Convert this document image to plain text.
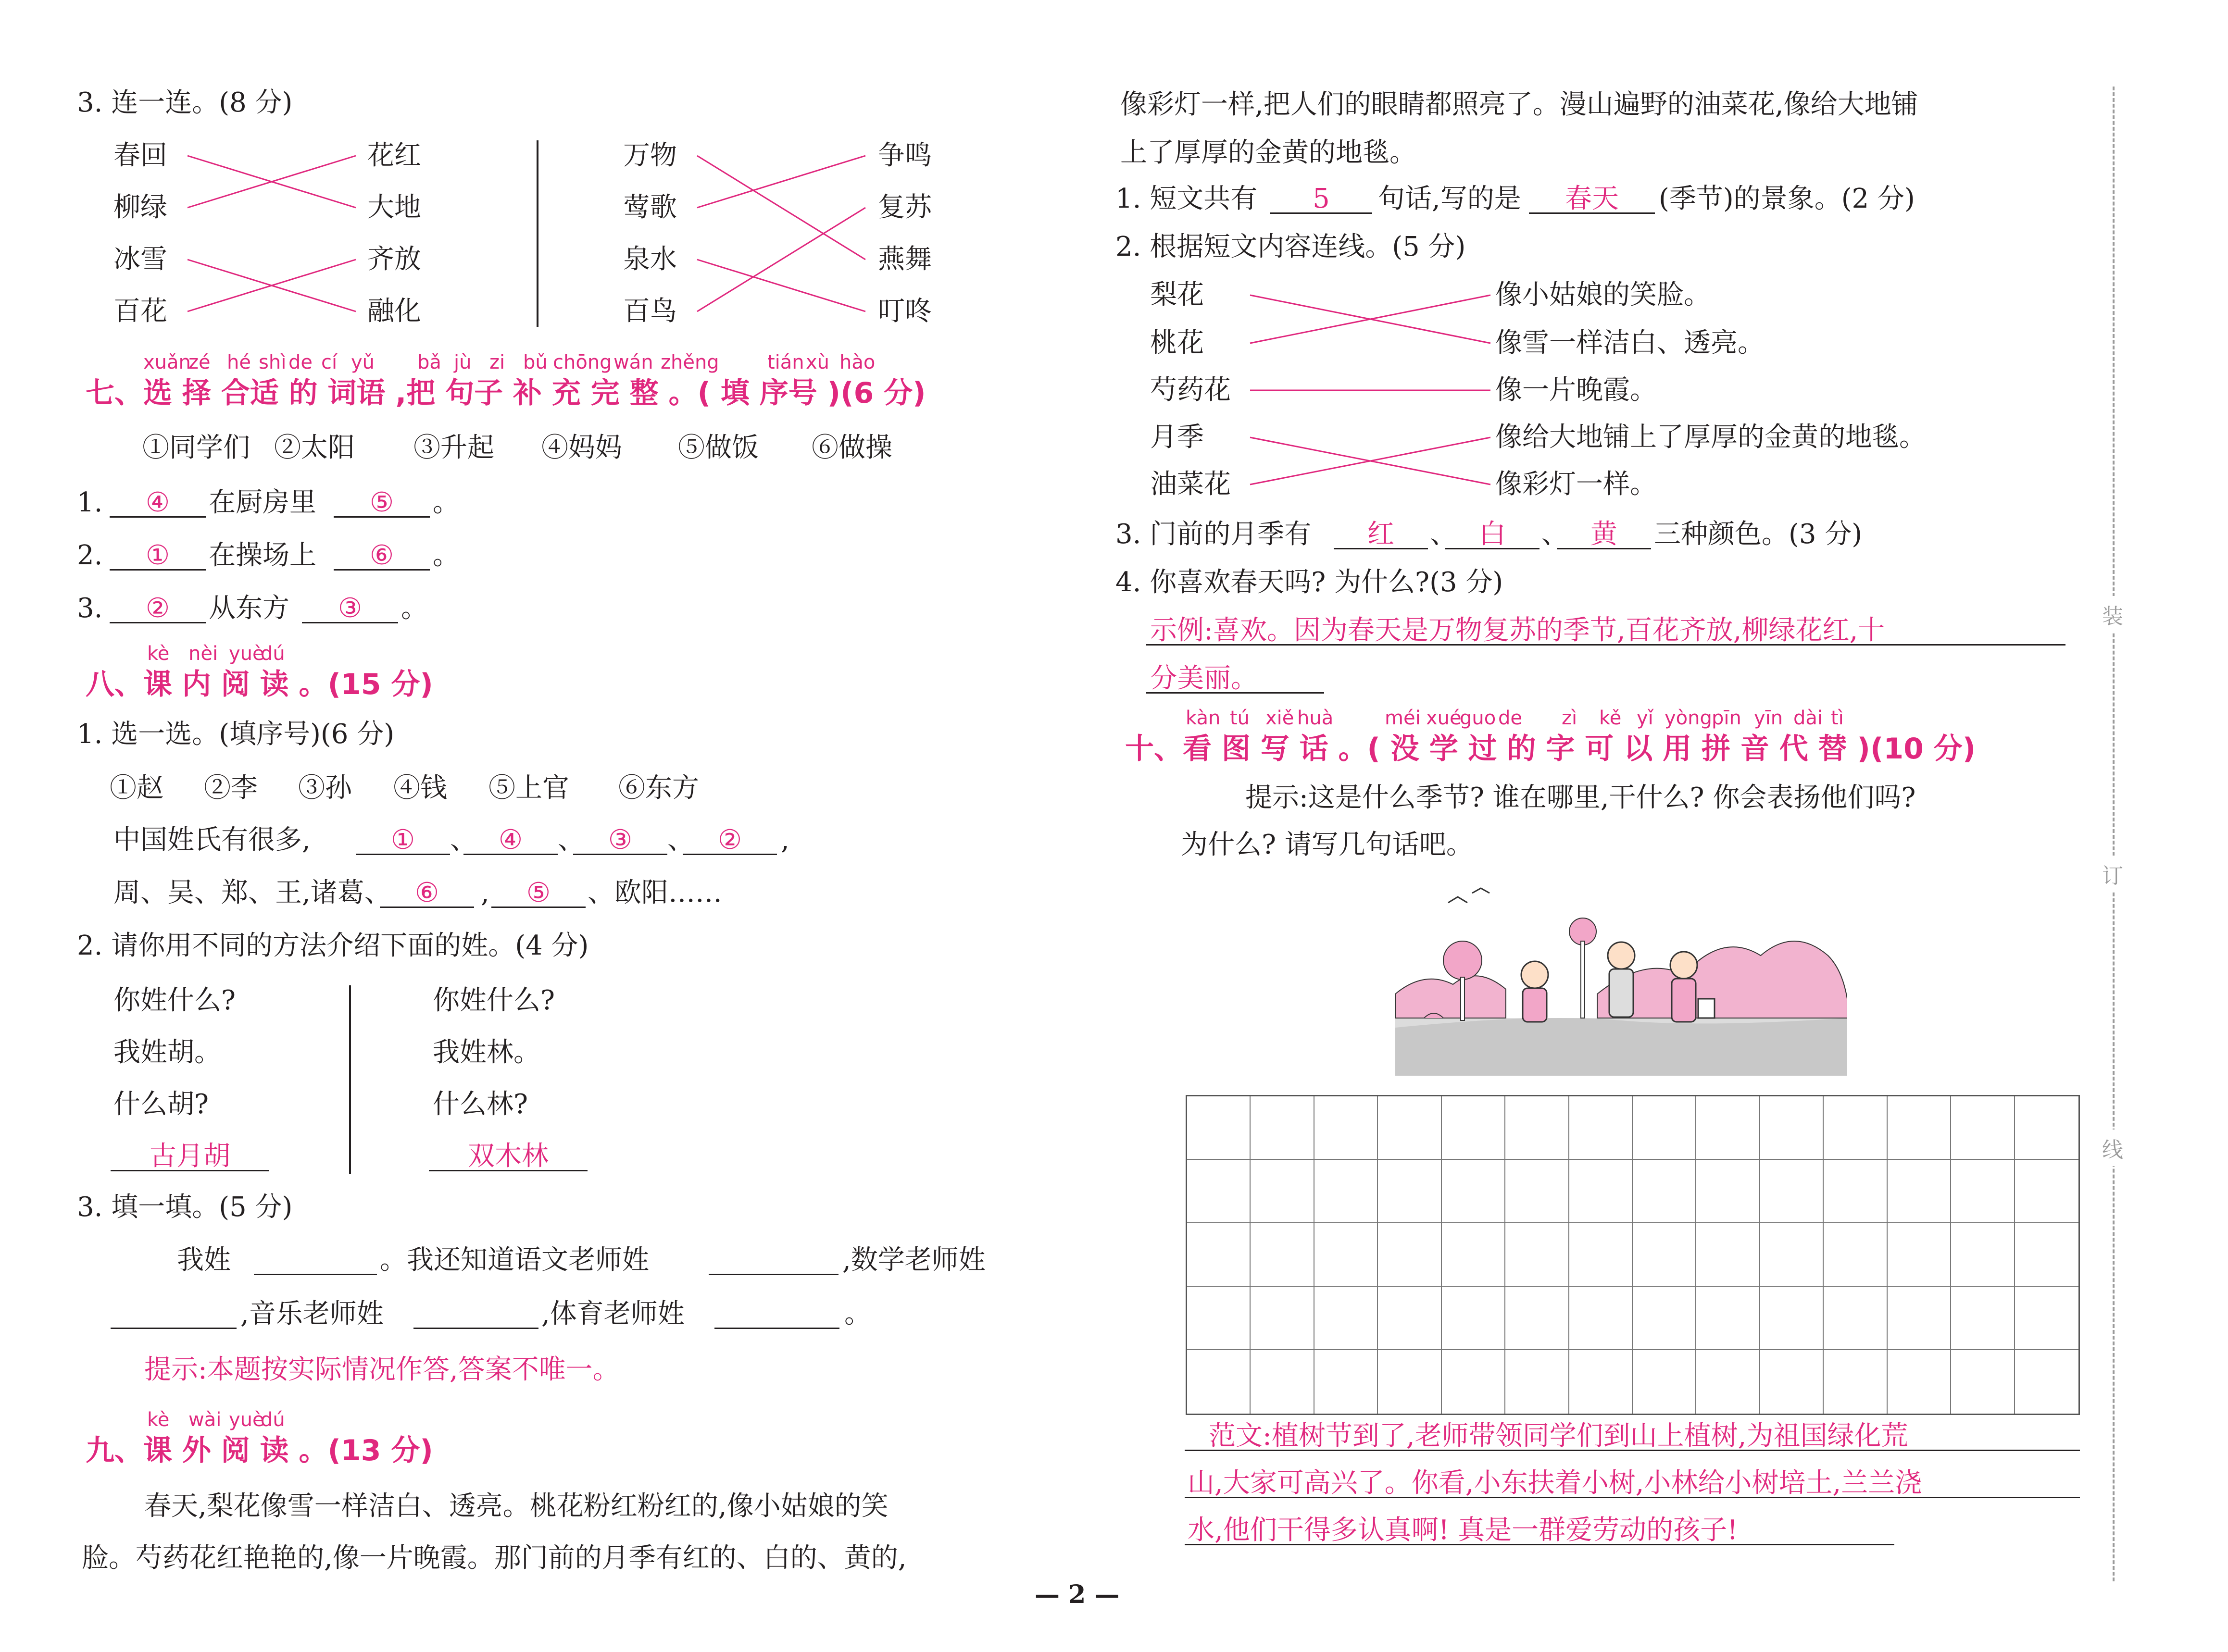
3. 连一连。(8 分)
春回
柳绿
冰雪
百花
花红
大地
齐放
融化
万物
莺歌
泉水
百鸟
争鸣
复苏
燕舞
叮咚
xuǎn
zé hé shì de cí yǔ bǎ jù zi bǔ chōng wán zhěng	tián xù hào
七、选 择 合适 的 词语 ,把 句子 补 充 完 整 。( 填 序号 )(6 分)
①同学们 ②太阳 ③升起 ④妈妈 ⑤做饭 ⑥做操
1.	④	在厨房里	⑤	。
2.	①	在操场上	⑥	。
3.	②	从东方	③	。
kè nèi yuè
dú
八、课 内 阅 读 。(15 分)
1. 选一选。(填序号)(6 分)
①赵 ②李 ③孙 ④钱 ⑤上官 ⑥东方
中国姓氏有很多,	①	、 ④	、 ③	、 ②	,
周、吴、郑、王,诸葛、 ⑥	,	⑤	、欧阳……
2. 请你用不同的方法介绍下面的姓。(4 分)
你姓什么?
我姓胡。
什么胡?
你姓什么?
我姓林。
什么林?
古月胡	双木林
3. 填一填。(5 分)
我姓	。我还知道语文老师姓	,数学老师姓
,音乐老师姓	,体育老师姓	。
提示:本题按实际情况作答,答案不唯一。
kè wài yuè
dú
九、课 外 阅 读 。(13 分)
春天,梨花像雪一样洁白、透亮。桃花粉红粉红的,像小姑娘的笑
脸。芍药花红艳艳的,像一片晚霞。那门前的月季有红的、白的、黄的,
像彩灯一样,把人们的眼睛都照亮了。漫山遍野的油菜花,像给大地铺
上了厚厚的金黄的地毯。
1. 短文共有	5	句话,写的是	春天	(季节)的景象。(2 分)
2. 根据短文内容连线。(5 分)
梨花
桃花
芍药花
月季
油菜花
像小姑娘的笑脸。
像雪一样洁白、透亮。
像一片晚霞。
像给大地铺上了厚厚的金黄的地毯。
像彩灯一样。
3. 门前的月季有	红	、 白	、 黄	三种颜色。(3 分)
4. 你喜欢春天吗? 为什么?(3 分)
示例:喜欢。因为春天是万物复苏的季节,百花齐放,柳绿花红,十
分美丽。
kàn tú xiě huà	méi xué
guo de zì kě yǐ yòng pīn yīn dài tì
十、看 图 写 话 。( 没 学 过 的 字 可 以 用 拼 音 代 替 )(10 分)
提示:这是什么季节? 谁在哪里,干什么? 你会表扬他们吗?
为什么? 请写几句话吧。
范文:植树节到了,老师带领同学们到山上植树,为祖国绿化荒
山,大家可高兴了。你看,小东扶着小树,小林给小树培土,兰兰浇
水,他们干得多认真啊! 真是一群爱劳动的孩子!
装
订
线
— 2 —
